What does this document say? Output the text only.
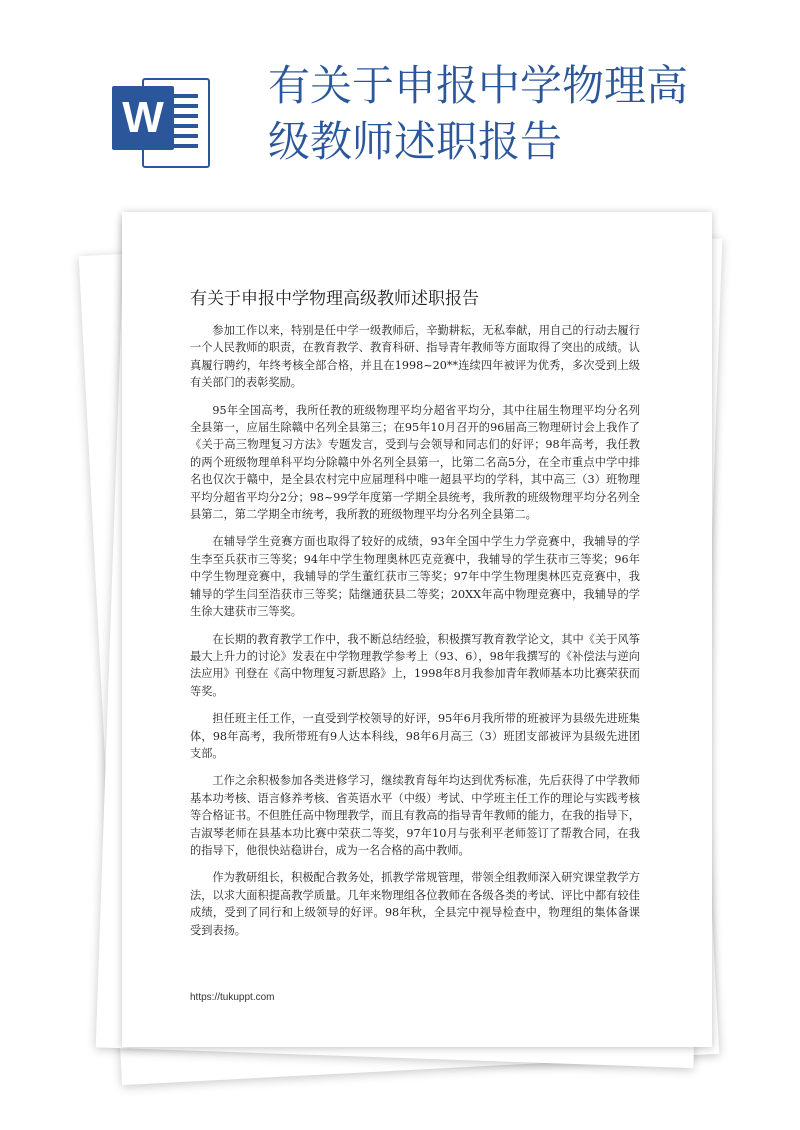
W
有关于申报中学物理高级教师述职报告
有关于申报中学物理高级教师述职报告

参加工作以来，特别是任中学一级教师后，辛勤耕耘，无私奉献，用自己的行动去履行一个人民教师的职责，在教育教学、教育科研、指导青年教师等方面取得了突出的成绩。认真履行聘约，年终考核全部合格，并且在1998~20**连续四年被评为优秀，多次受到上级有关部门的表彰奖励。

95年全国高考，我所任教的班级物理平均分超省平均分，其中往届生物理平均分名列全县第一，应届生除赣中名列全县第三；在95年10月召开的96届高三物理研讨会上我作了《关于高三物理复习方法》专题发言，受到与会领导和同志们的好评；98年高考，我任教的两个班级物理单科平均分除赣中外名列全县第一，比第二名高5分，在全市重点中学中排名也仅次于赣中，是全县农村完中应届理科中唯一超县平均的学科，其中高三（3）班物理平均分超省平均分2分；98~99学年度第一学期全县统考，我所教的班级物理平均分名列全县第二，第二学期全市统考，我所教的班级物理平均分名列全县第二。

在辅导学生竞赛方面也取得了较好的成绩，93年全国中学生力学竞赛中，我辅导的学生李至兵获市三等奖；94年中学生物理奥林匹克竞赛中，我辅导的学生获市三等奖；96年中学生物理竞赛中，我辅导的学生董红获市三等奖；97年中学生物理奥林匹克竞赛中，我辅导的学生闫至浩获市三等奖；陆继通获县二等奖；20XX年高中物理竞赛中，我辅导的学生徐大建获市三等奖。

在长期的教育教学工作中，我不断总结经验，积极撰写教育教学论文，其中《关于风筝最大上升力的讨论》发表在中学物理教学参考上（93、6），98年我撰写的《补偿法与逆向法应用》刊登在《高中物理复习新思路》上，1998年8月我参加青年教师基本功比赛荣获而等奖。

担任班主任工作，一直受到学校领导的好评，95年6月我所带的班被评为县级先进班集体，98年高考，我所带班有9人达本科线，98年6月高三（3）班团支部被评为县级先进团支部。

工作之余积极参加各类进修学习，继续教育每年均达到优秀标准，先后获得了中学教师基本功考核、语言修养考核、省英语水平（中级）考试、中学班主任工作的理论与实践考核等合格证书。不但胜任高中物理教学，而且有教高的指导青年教师的能力，在我的指导下，吉淑琴老师在县基本功比赛中荣获二等奖，97年10月与张利平老师签订了帮教合同，在我的指导下，他很快站稳讲台，成为一名合格的高中教师。

作为教研组长，积极配合教务处，抓教学常规管理，带领全组教师深入研究课堂教学方法，以求大面积提高教学质量。几年来物理组各位教师在各级各类的考试、评比中都有较佳成绩，受到了同行和上级领导的好评。98年秋，全县完中视导检查中，物理组的集体备课受到表扬。

https://tukuppt.com
